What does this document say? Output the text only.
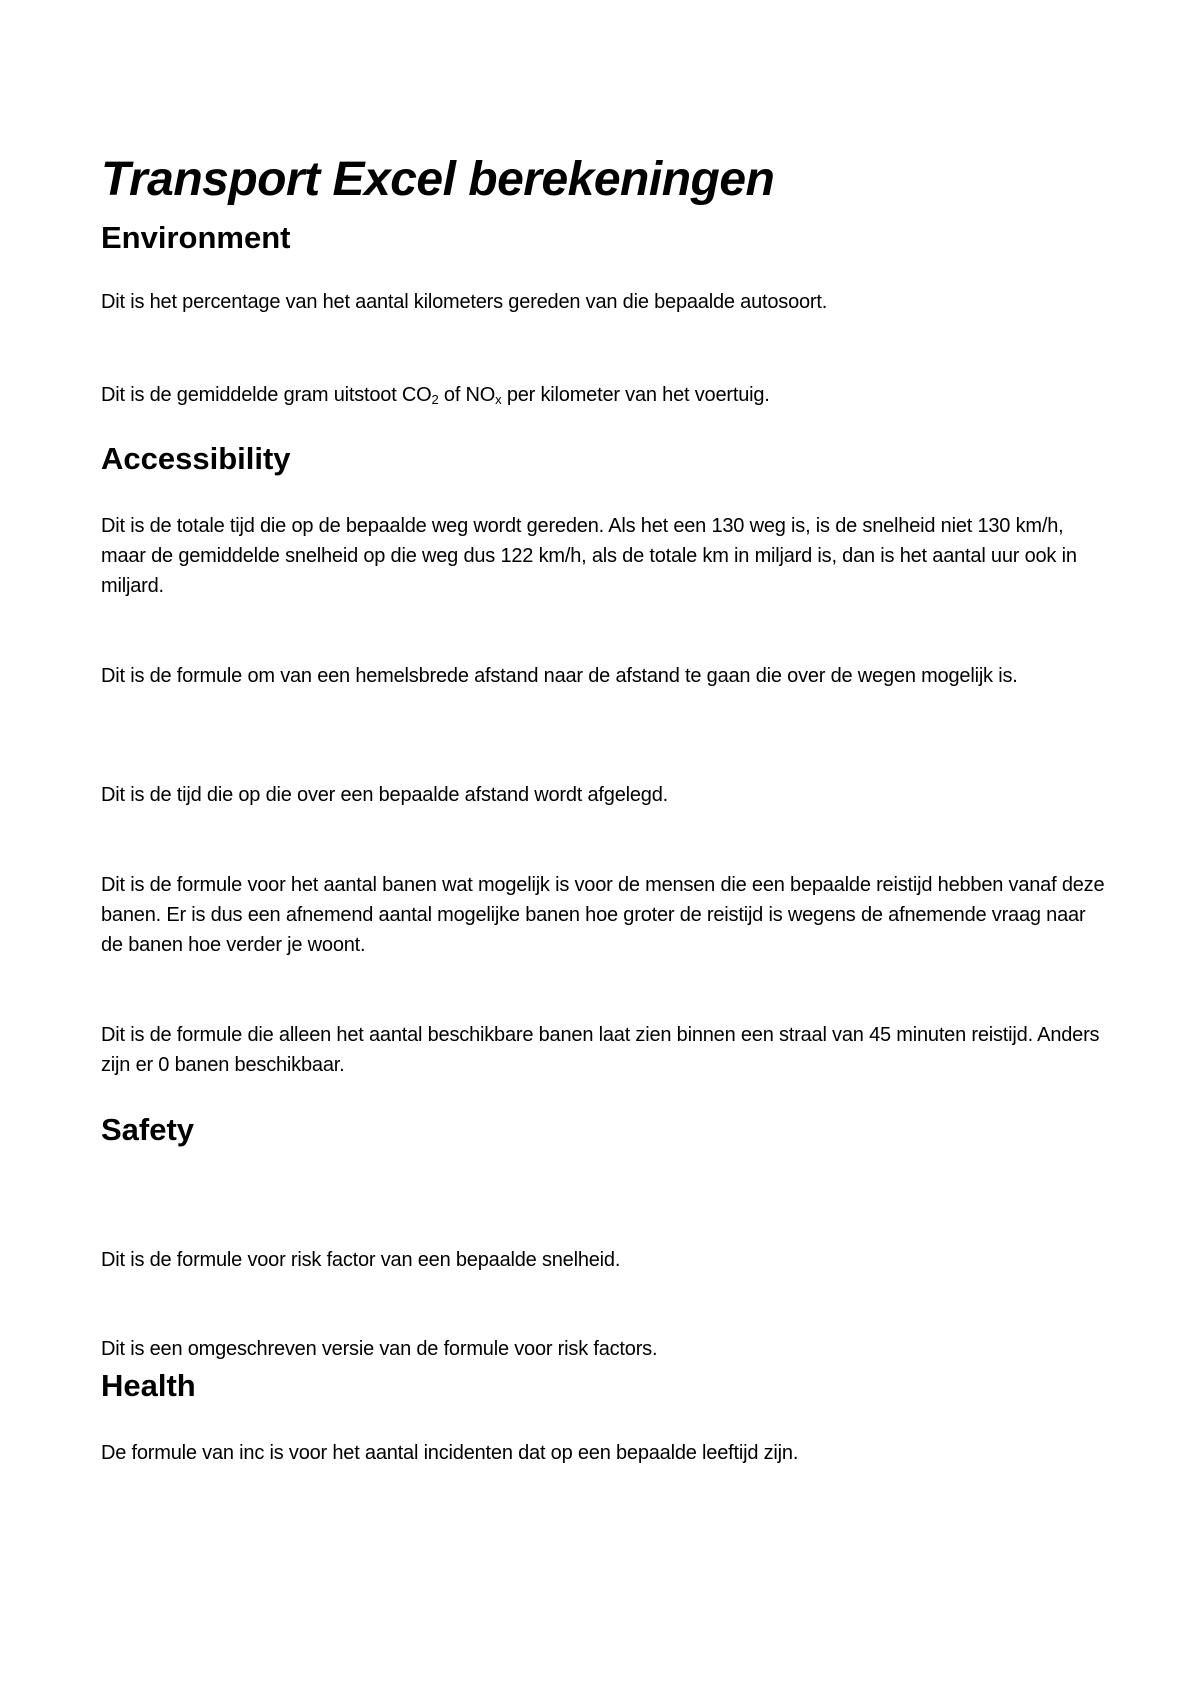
Transport Excel berekeningen
Environment

Dit is het percentage van het aantal kilometers gereden van die bepaalde autosoort.

Dit is de gemiddelde gram uitstoot $CO_2$ of $NO_x$ per kilometer van het voertuig.

Accessibility

Dit is de totale tijd die op de bepaalde weg wordt gereden. Als het een 130 weg is, is de snelheid niet 130 km/h, maar de gemiddelde snelheid op die weg dus 122 km/h, als de totale km in miljard is, dan is het aantal uur ook in miljard.

Dit is de formule om van een hemelsbrede afstand naar de afstand te gaan die over de wegen mogelijk is.

Dit is de tijd die op die over een bepaalde afstand wordt afgelegd.

Dit is de formule voor het aantal banen wat mogelijk is voor de mensen die een bepaalde reistijd hebben vanaf deze banen. Er is dus een afnemend aantal mogelijke banen hoe groter de reistijd is wegens de afnemende vraag naar de banen hoe verder je woont.

Dit is de formule die alleen het aantal beschikbare banen laat zien binnen een straal van 45 minuten reistijd. Anders zijn er 0 banen beschikbaar.

Safety

Dit is de formule voor risk factor van een bepaalde snelheid.

Dit is een omgeschreven versie van de formule voor risk factors.

Health

De formule van inc is voor het aantal incidenten dat op een bepaalde leeftijd zijn.
